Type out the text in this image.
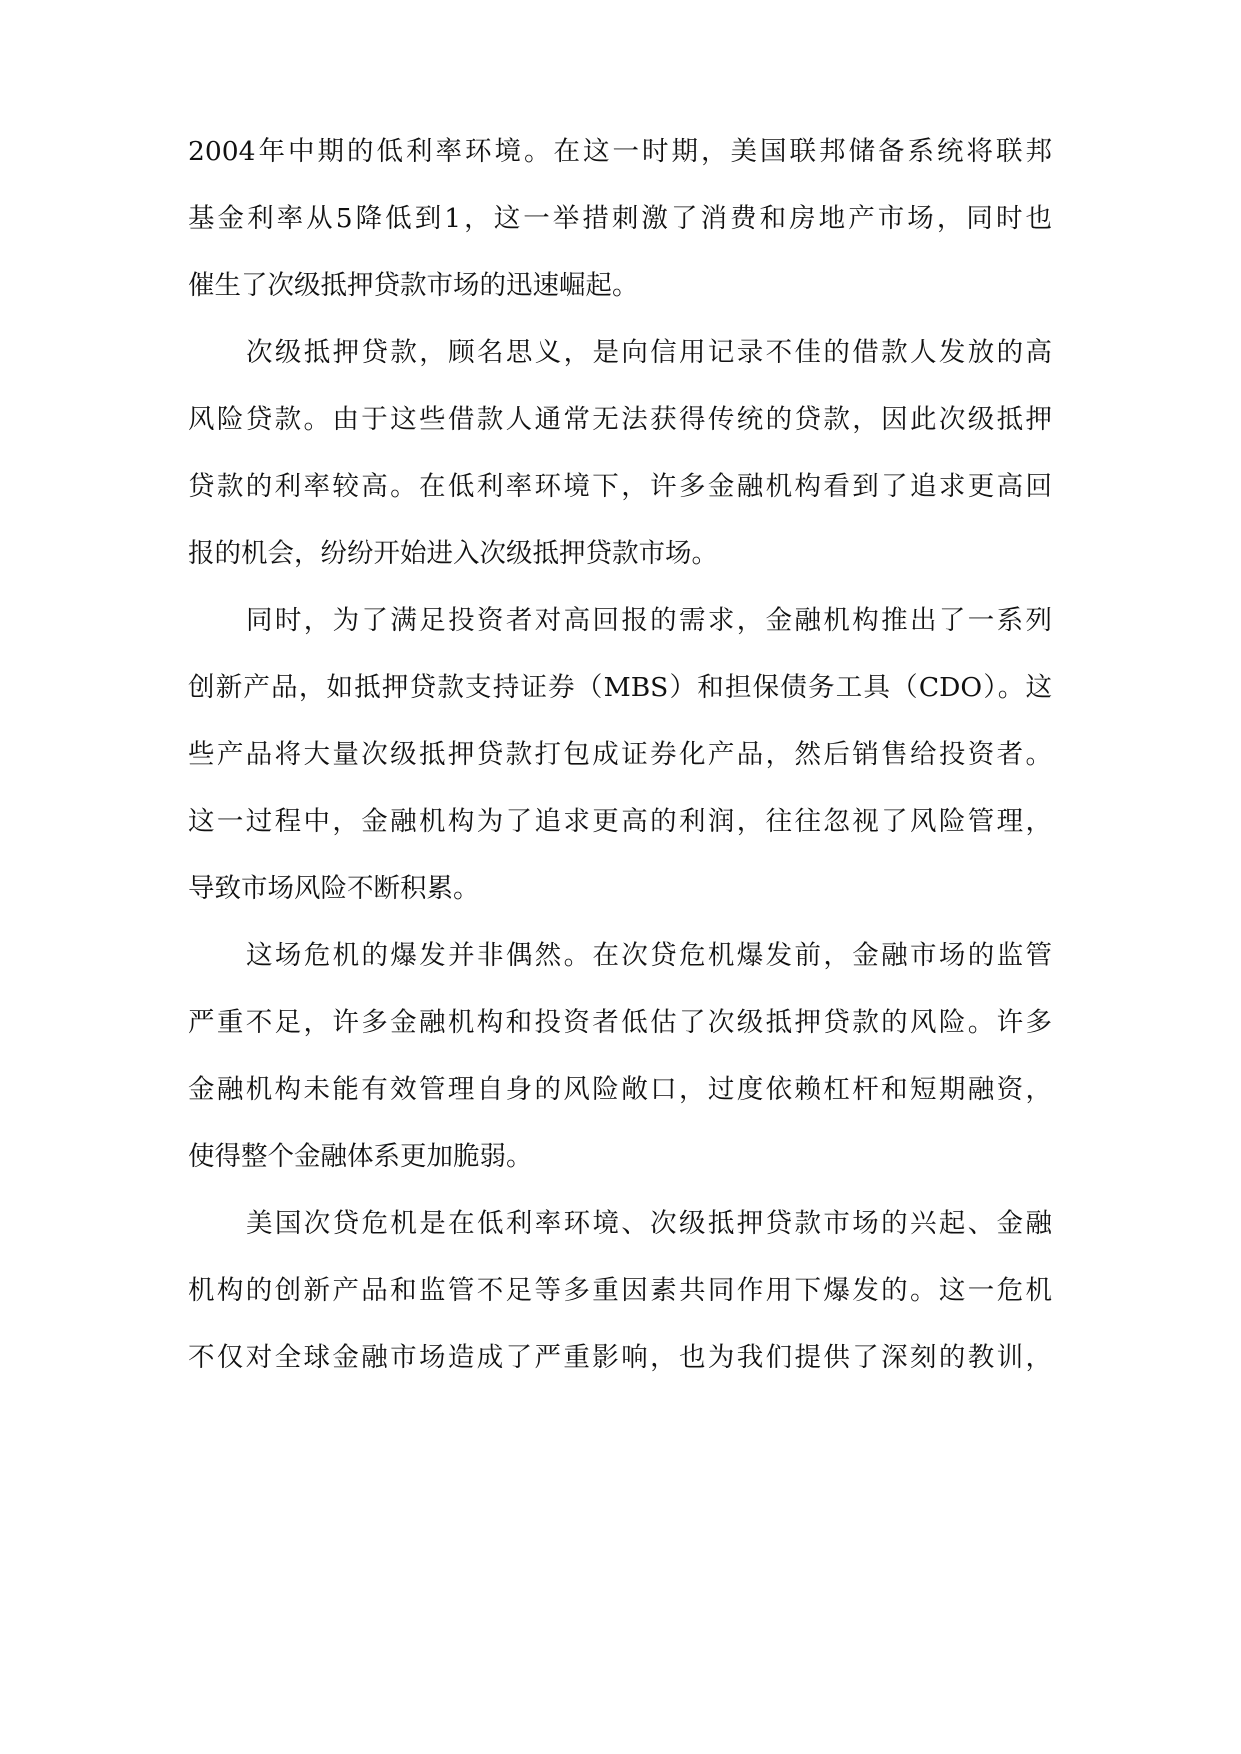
2004年中期的低利率环境。在这一时期，美国联邦储备系统将联邦
基金利率从5降低到1，这一举措刺激了消费和房地产市场，同时也
催生了次级抵押贷款市场的迅速崛起。
次级抵押贷款，顾名思义，是向信用记录不佳的借款人发放的高
风险贷款。由于这些借款人通常无法获得传统的贷款，因此次级抵押
贷款的利率较高。在低利率环境下，许多金融机构看到了追求更高回
报的机会，纷纷开始进入次级抵押贷款市场。
同时，为了满足投资者对高回报的需求，金融机构推出了一系列
创新产品，如抵押贷款支持证券（MBS）和担保债务工具（CDO）。这
些产品将大量次级抵押贷款打包成证券化产品，然后销售给投资者。
这一过程中，金融机构为了追求更高的利润，往往忽视了风险管理，
导致市场风险不断积累。
这场危机的爆发并非偶然。在次贷危机爆发前，金融市场的监管
严重不足，许多金融机构和投资者低估了次级抵押贷款的风险。许多
金融机构未能有效管理自身的风险敞口，过度依赖杠杆和短期融资，
使得整个金融体系更加脆弱。
美国次贷危机是在低利率环境、次级抵押贷款市场的兴起、金融
机构的创新产品和监管不足等多重因素共同作用下爆发的。这一危机
不仅对全球金融市场造成了严重影响，也为我们提供了深刻的教训，
